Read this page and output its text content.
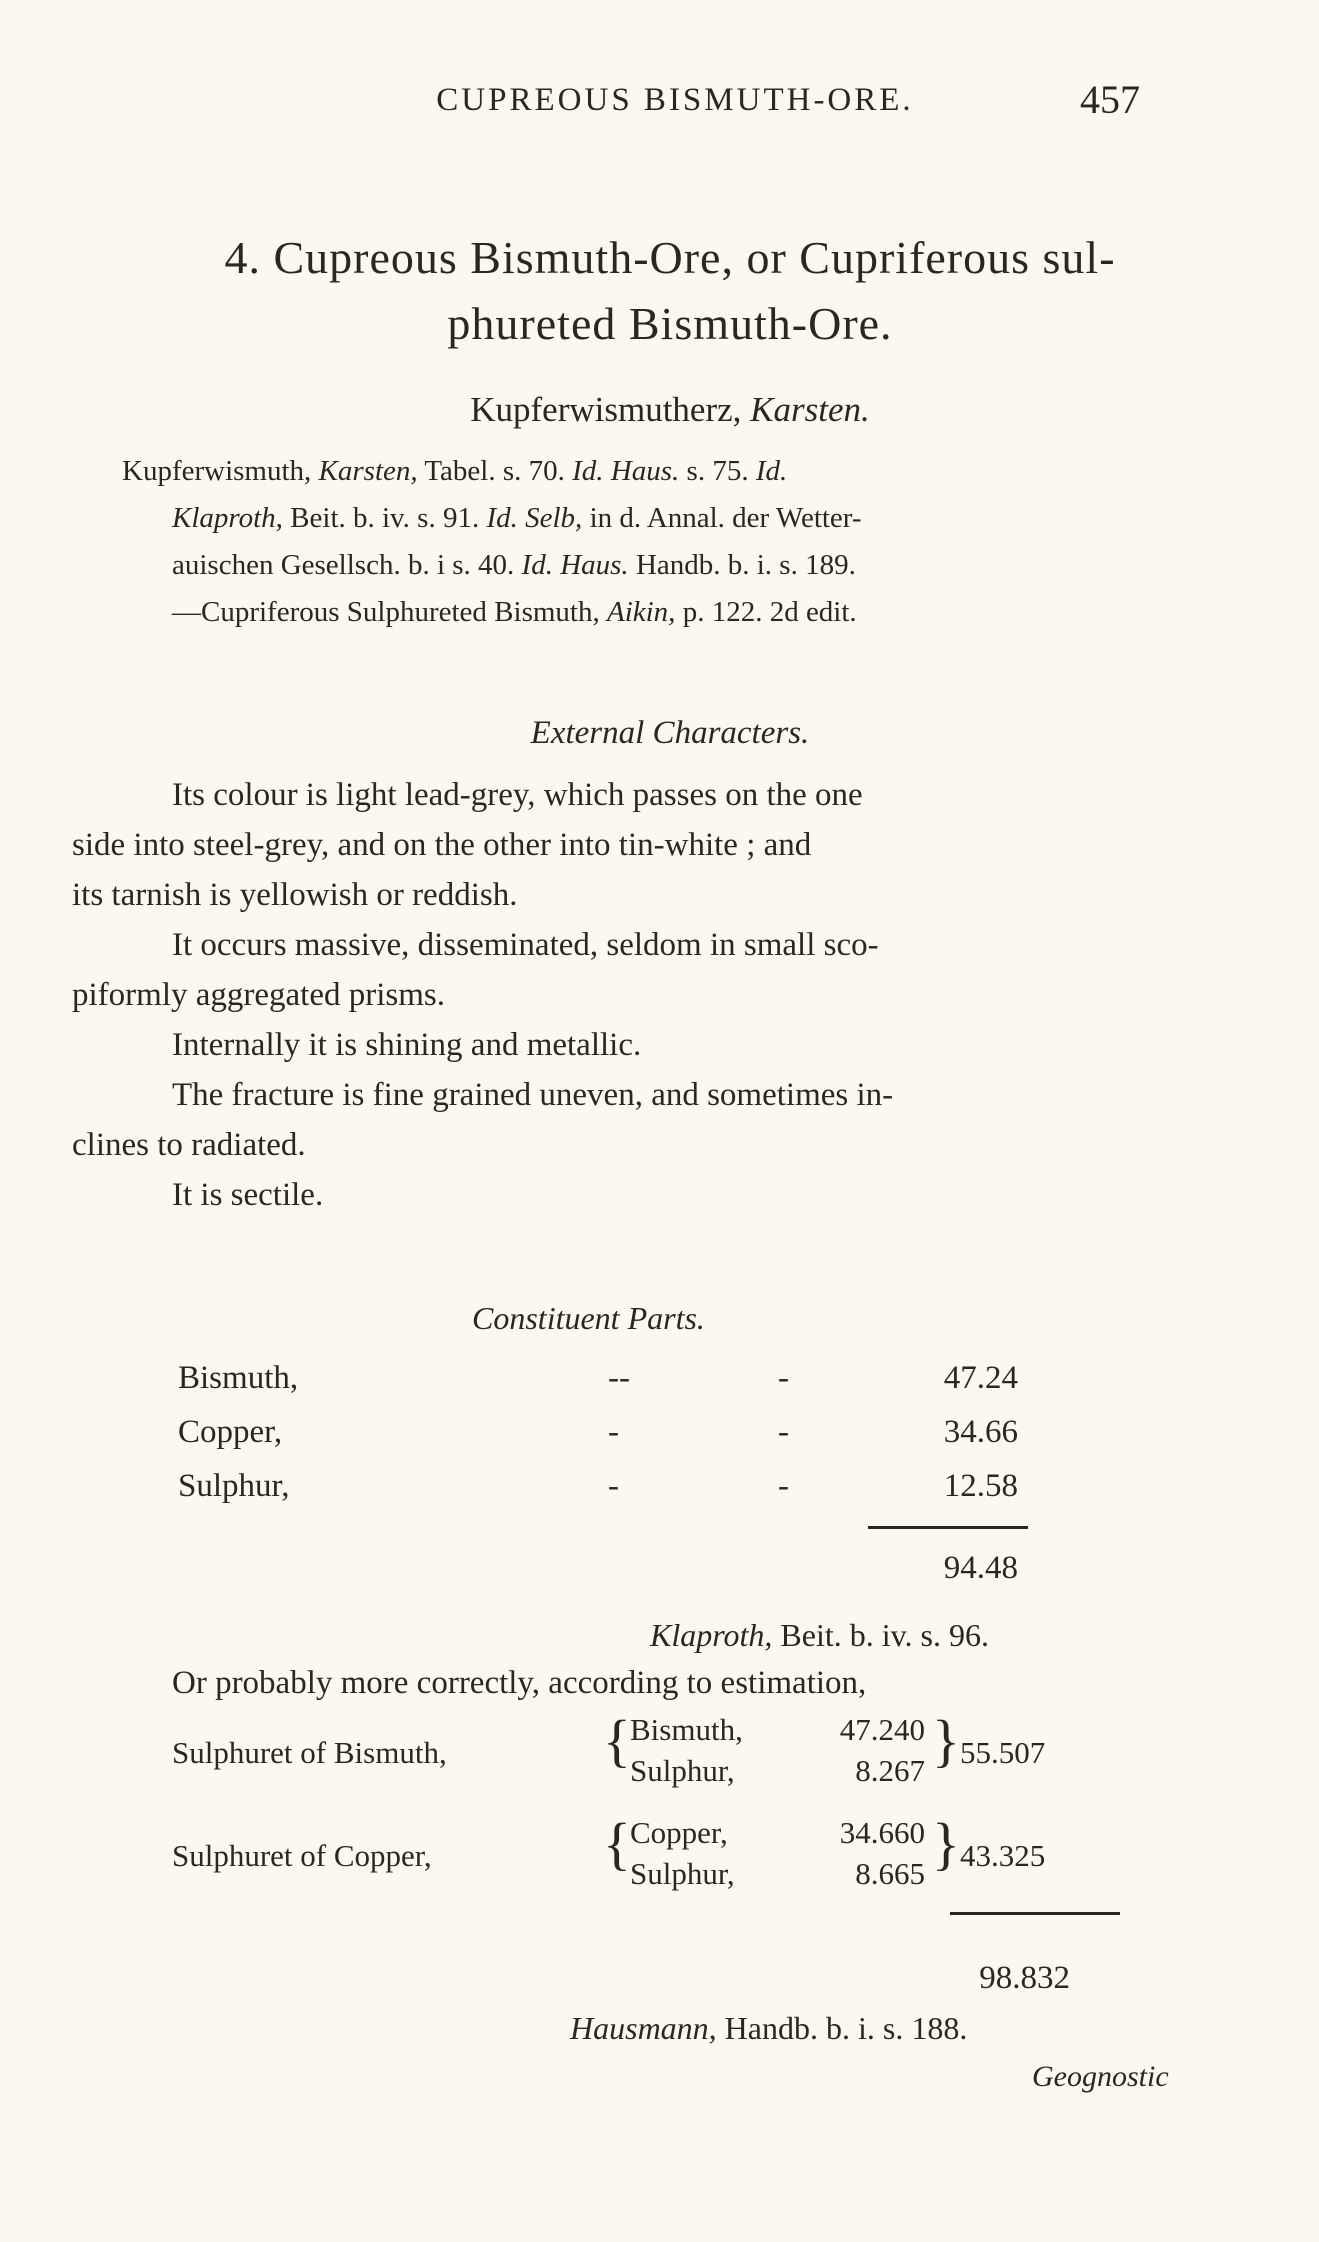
CUPREOUS BISMUTH-ORE.	457
4. Cupreous Bismuth-Ore, or Cupriferous sul-
phureted Bismuth-Ore.
Kupferwismutherz, Karsten.

Kupferwismuth, Karsten, Tabel. s. 70. Id. Haus. s. 75. Id.

Klaproth, Beit. b. iv. s. 91. Id. Selb, in d. Annal. der Wetter-

auischen Gesellsch. b. i s. 40. Id. Haus. Handb. b. i. s. 189.

—Cupriferous Sulphureted Bismuth, Aikin, p. 122. 2d edit.

External Characters.

Its colour is light lead-grey, which passes on the one
side into steel-grey, and on the other into tin-white ; and
its tarnish is yellowish or reddish.

It occurs massive, disseminated, seldom in small sco-
piformly aggregated prisms.

Internally it is shining and metallic.

The fracture is fine grained uneven, and sometimes in-
clines to radiated.

It is sectile.

Constituent Parts.
Bismuth,	--	-	47.24
Copper,	-	-	34.66
Sulphur,	-	-	12.58
94.48
Klaproth, Beit. b. iv. s. 96.
Or probably more correctly, according to estimation,
Sulphuret of Bismuth,	{ Bismuth,	47.240
Sulphur,	8.267 } 55.507
Sulphuret of Copper,	{ Copper,	34.660
Sulphur,	8.665 } 43.325
98.832
Hausmann, Handb. b. i. s. 188.
Geognostic
